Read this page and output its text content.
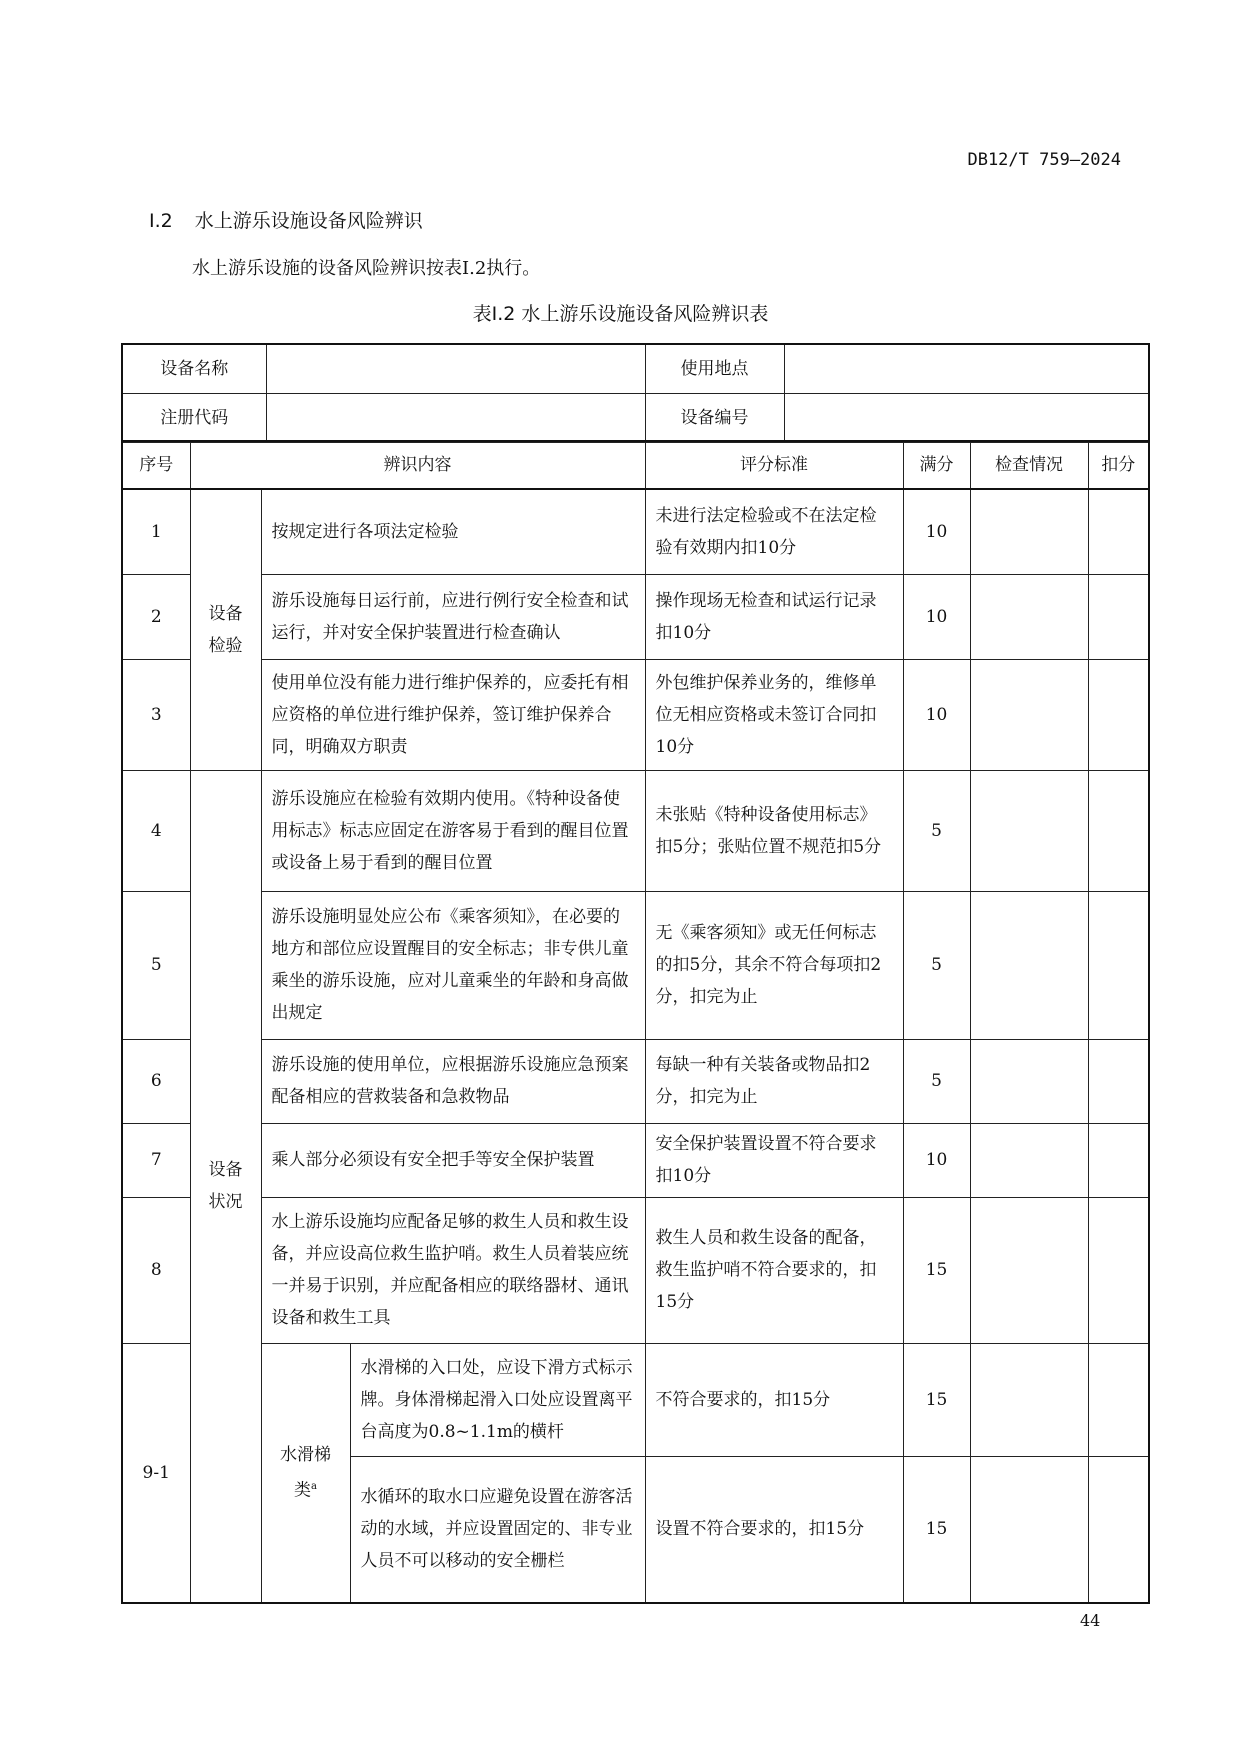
DB12/T 759—2024
I.2 水上游乐设施设备风险辨识
水上游乐设施的设备风险辨识按表I.2执行。
表I.2 水上游乐设施设备风险辨识表
设备名称		使用地点	
注册代码		设备编号	
序号	辨识内容			评分标准	满分	检查情况	扣分
1	设备检验	按规定进行各项法定检验		未进行法定检验或不在法定检验有效期内扣10分	10		
2		游乐设施每日运行前，应进行例行安全检查和试运行，并对安全保护装置进行检查确认		操作现场无检查和试运行记录扣10分	10		
3		使用单位没有能力进行维护保养的，应委托有相应资格的单位进行维护保养，签订维护保养合同，明确双方职责		外包维护保养业务的，维修单位无相应资格或未签订合同扣10分	10		
4	设备状况	游乐设施应在检验有效期内使用。《特种设备使用标志》标志应固定在游客易于看到的醒目位置或设备上易于看到的醒目位置		未张贴《特种设备使用标志》扣5分；张贴位置不规范扣5分	5		
5		游乐设施明显处应公布《乘客须知》，在必要的地方和部位应设置醒目的安全标志；非专供儿童乘坐的游乐设施，应对儿童乘坐的年龄和身高做出规定		无《乘客须知》或无任何标志的扣5分，其余不符合每项扣2分，扣完为止	5		
6		游乐设施的使用单位，应根据游乐设施应急预案配备相应的营救装备和急救物品		每缺一种有关装备或物品扣2分，扣完为止	5		
7		乘人部分必须设有安全把手等安全保护装置		安全保护装置设置不符合要求扣10分	10		
8		水上游乐设施均应配备足够的救生人员和救生设备，并应设高位救生监护哨。救生人员着装应统一并易于识别，并应配备相应的联络器材、通讯设备和救生工具		救生人员和救生设备的配备，救生监护哨不符合要求的，扣15分	15		
9-1		水滑梯类$^a$	水滑梯的入口处，应设下滑方式标示牌。身体滑梯起滑入口处应设置离平台高度为0.8~1.1m的横杆	不符合要求的，扣15分	15		
			水循环的取水口应避免设置在游客活动的水域，并应设置固定的、非专业人员不可以移动的安全栅栏	设置不符合要求的，扣15分	15		
44
